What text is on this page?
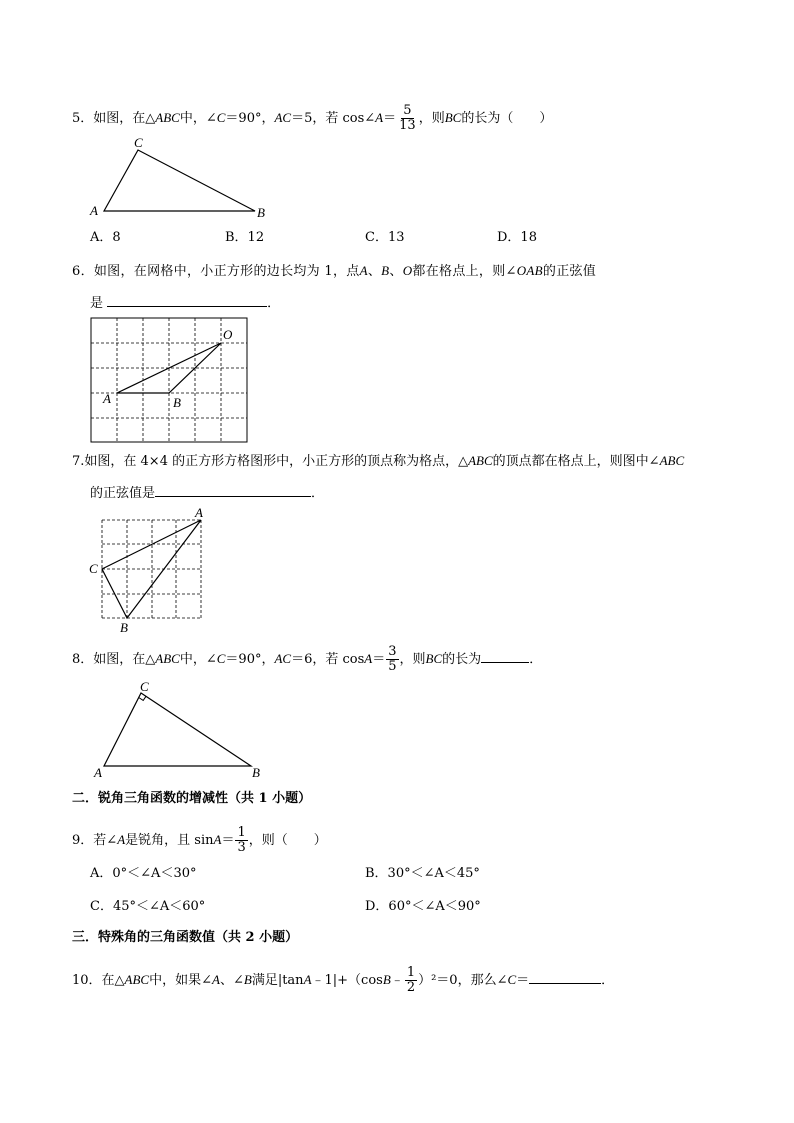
5．如图，在△ABC中，∠C＝90°，AC＝5，若 cos∠A＝ $\frac{5}{13}$ ，则BC的长为（　　）
C
A	B
A．8	B．12	C．13	D．18
6．如图，在网格中，小正方形的边长均为 1，点A、B、O都在格点上，则∠OAB的正弦值
是	．
O
A	B
7.如图，在 4×4 的正方形方格图形中，小正方形的顶点称为格点，△ABC的顶点都在格点上，则图中∠ABC
的正弦值是	．
A
C
B
8．如图，在△ABC中，∠C＝90°，AC＝6，若 $\cos A= \frac{3}{5}$ ，则BC的长为	．
C
A	B
二．锐角三角函数的增减性（共 1 小题）
9．若∠A是锐角，且 $\sin A= \frac{1}{3}$ ，则（　　）
A．0°＜∠A＜30°	B．30°＜∠A＜45°
C．45°＜∠A＜60°	D．60°＜∠A＜90°
三．特殊角的三角函数值（共 2 小题）
10．在△ABC中，如果∠A、∠B满足|tanA﹣1|+（cosB﹣ $\frac{1}{2} )^2=0$，那么∠C＝	．
